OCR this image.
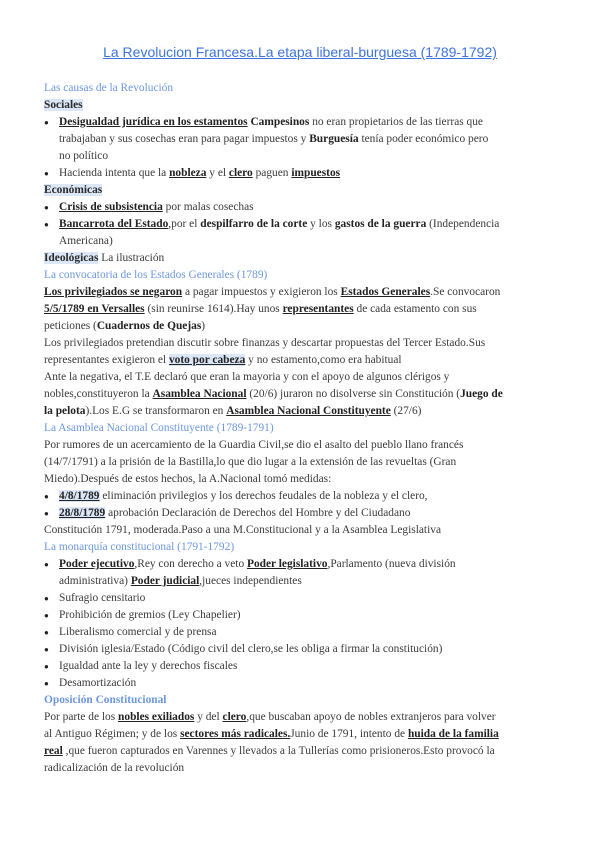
La Revolucion Francesa.La etapa liberal-burguesa (1789-1792)

Las causas de la Revolución

Sociales

● Desigualdad jurídica en los estamentos Campesinos no eran propietarios de las tierras que

trabajaban y sus cosechas eran para pagar impuestos y Burguesía tenía poder económico pero

no político

● Hacienda intenta que la nobleza y el clero paguen impuestos

Económicas

● Crisis de subsistencia por malas cosechas

● Bancarrota del Estado,por el despilfarro de la corte y los gastos de la guerra (Independencia

Americana)

Ideológicas La ilustración

La convocatoria de los Estados Generales (1789)

Los privilegiados se negaron a pagar impuestos y exigieron los Estados Generales.Se convocaron

5/5/1789 en Versalles (sin reunirse 1614).Hay unos representantes de cada estamento con sus

peticiones (Cuadernos de Quejas)

Los privilegiados pretendian discutir sobre finanzas y descartar propuestas del Tercer Estado.Sus

representantes exigieron el voto por cabeza y no estamento,como era habitual

Ante la negativa, el T.E declaró que eran la mayoria y con el apoyo de algunos clérigos y

nobles,constituyeron la Asamblea Nacional (20/6) juraron no disolverse sin Constitución (Juego de

la pelota).Los E.G se transformaron en Asamblea Nacional Constituyente (27/6)

La Asamblea Nacional Constituyente (1789-1791)

Por rumores de un acercamiento de la Guardia Civil,se dio el asalto del pueblo llano francés

(14/7/1791) a la prisión de la Bastilla,lo que dio lugar a la extensión de las revueltas (Gran

Miedo).Después de estos hechos, la A.Nacional tomó medidas:

● 4/8/1789 eliminación privilegios y los derechos feudales de la nobleza y el clero,

● 28/8/1789 aprobación Declaración de Derechos del Hombre y del Ciudadano

Constitución 1791, moderada.Paso a una M.Constitucional y a la Asamblea Legislativa

La monarquía constitucional (1791-1792)

● Poder ejecutivo,Rey con derecho a veto Poder legislativo,Parlamento (nueva división

administrativa) Poder judicial,jueces independientes

● Sufragio censitario

● Prohibición de gremios (Ley Chapelier)

● Liberalismo comercial y de prensa

● División iglesia/Estado (Código civil del clero,se les obliga a firmar la constitución)

● Igualdad ante la ley y derechos fiscales

● Desamortización

Oposición Constitucional

Por parte de los nobles exiliados y del clero,que buscaban apoyo de nobles extranjeros para volver

al Antiguo Régimen; y de los sectores más radicales.Junio de 1791, intento de huida de la familia

real ,que fueron capturados en Varennes y llevados a la Tullerías como prisioneros.Esto provocó la

radicalización de la revolución
